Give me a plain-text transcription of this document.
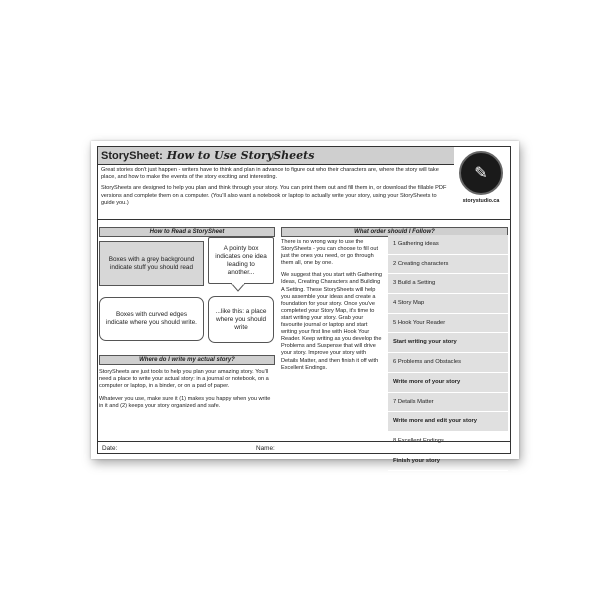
StorySheet: How to Use StorySheets

Great stories don't just happen - writers have to think and plan in advance to figure out who their characters are, where the story will take place, and how to make the events of the story exciting and interesting.

StorySheets are designed to help you plan and think through your story. You can print them out and fill them in, or download the fillable PDF versions and complete them on a computer. (You'll also want a notebook or laptop to actually write your story, using your StorySheets to guide you.)

✎
storystudio.ca
How to Read a StorySheet
Boxes with a grey background indicate stuff you should read
A pointy box indicates one idea leading to another...
Boxes with curved edges indicate where you should write.
...like this: a place where you should write
Where do I write my actual story?

StorySheets are just tools to help you plan your amazing story. You'll need a place to write your actual story: in a journal or notebook, on a computer or laptop, in a binder, or on a pad of paper.

Whatever you use, make sure it (1) makes you happy when you write in it and (2) keeps your story organized and safe.

What order should I Follow?

There is no wrong way to use the StorySheets - you can choose to fill out just the ones you need, or go through them all, one by one.

We suggest that you start with Gathering Ideas, Creating Characters and Building A Setting. These StorySheets will help you assemble your ideas and create a foundation for your story. Once you've completed your Story Map, it's time to start writing your story. Grab your favourite journal or laptop and start writing your first line with Hook Your Reader. Keep writing as you develop the Problems and Suspense that will drive your story. Improve your story with Details Matter, and then finish it off with Excellent Endings.

1 Gathering ideas
2 Creating characters
3 Build a Setting
4 Story Map
5 Hook Your Reader
Start writing your story
6 Problems and Obstacles
Write more of your story
7 Details Matter
Write more and edit your story
8 Excellent Endings
Finish your story
Date:	Name:
